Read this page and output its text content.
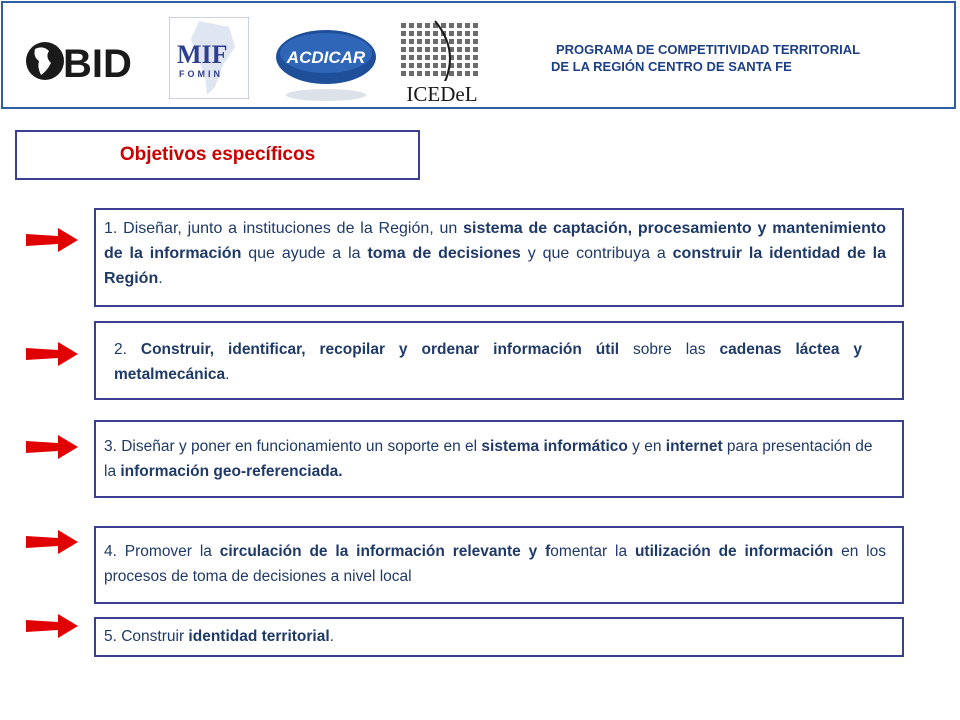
BID MIF
FOMIN
ACDICAR
ICEDeL
PROGRAMA DE COMPETITIVIDAD TERRITORIAL
DE LA REGIÓN CENTRO DE SANTA FE
Objetivos específicos
1. Diseñar, junto a instituciones de la Región, un sistema de captación, procesamiento y mantenimiento de la información que ayude a la toma de decisiones y que contribuya a construir la identidad de la Región.
2. Construir, identificar, recopilar y ordenar información útil sobre las cadenas láctea y metalmecánica.
3. Diseñar y poner en funcionamiento un soporte en el sistema informático y en internet para presentación de la información geo-referenciada.
4. Promover la circulación de la información relevante y fomentar la utilización de información en los procesos de toma de decisiones a nivel local
5. Construir identidad territorial.
